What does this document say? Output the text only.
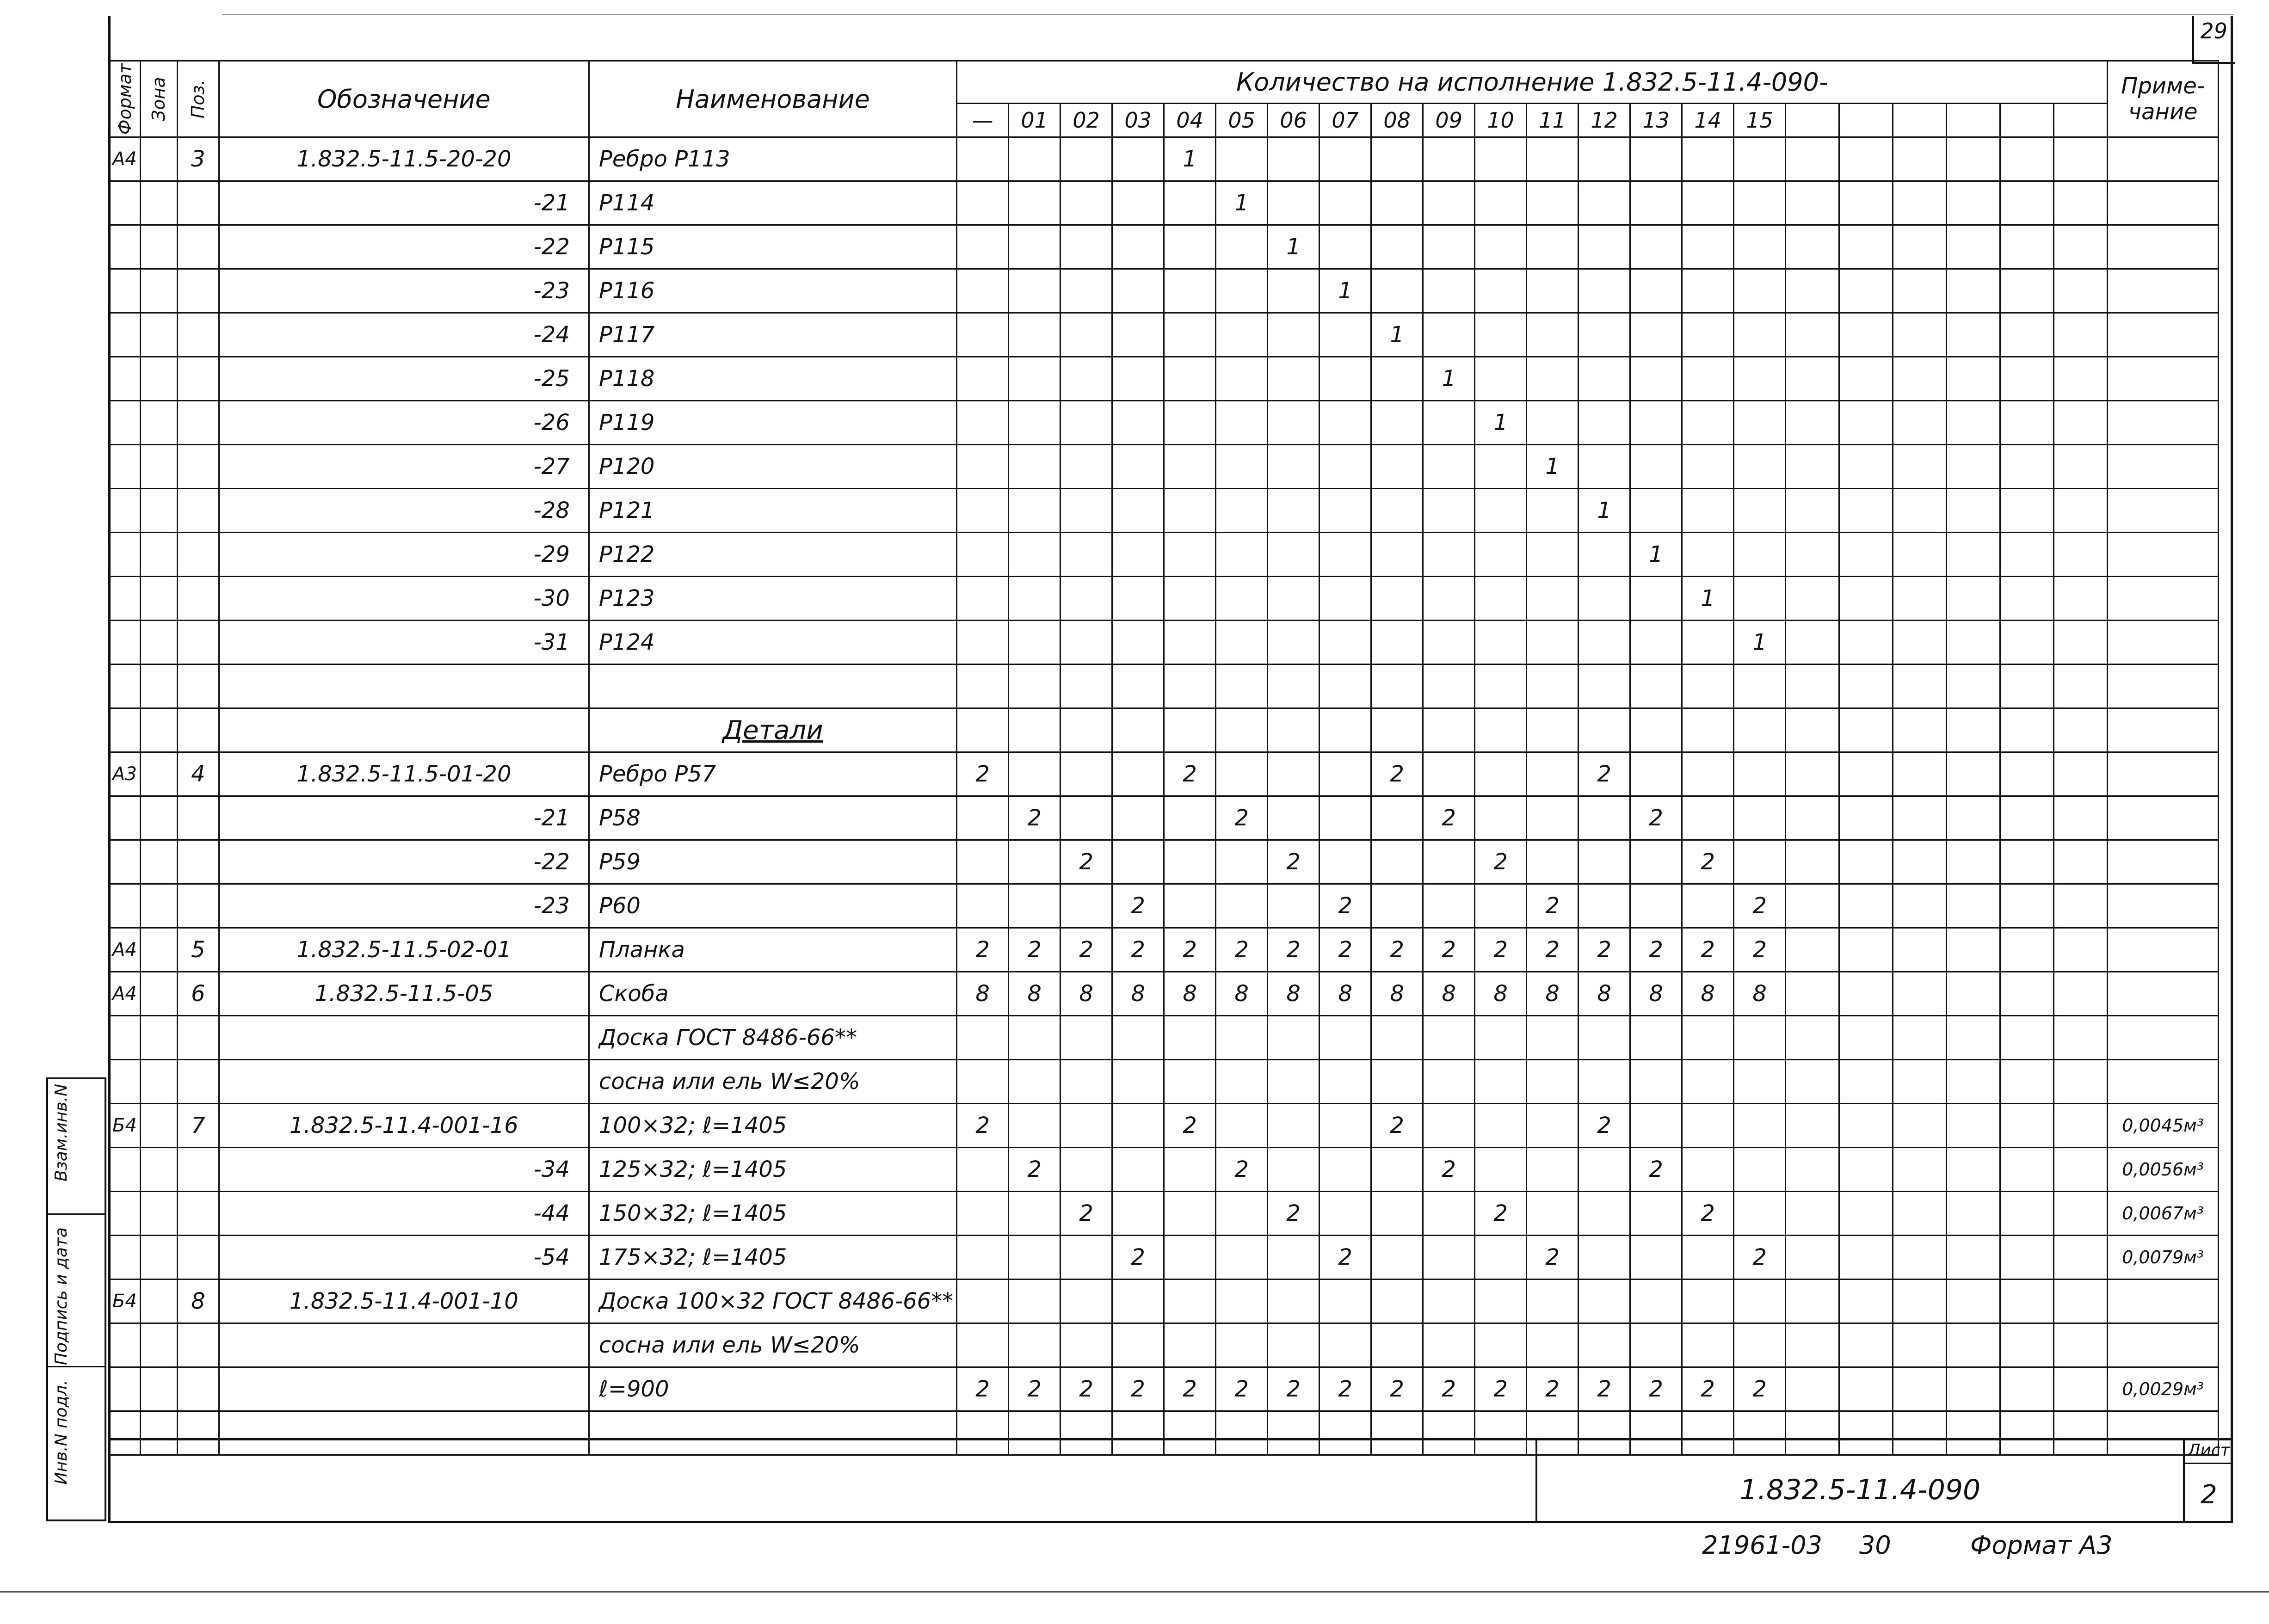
29
Формат	Зона	Поз.	Обозначение	Наименование	Количество на исполнение 1.832.5-11.4-090-																						Приме- чание
					—	01	02	03	04	05	06	07	08	09	10	11	12	13	14	15							
А4		3	1.832.5-11.5-20-20	Ребро Р113					1																		
			-21	Р114						1																	
			-22	Р115							1																
			-23	Р116								1															
			-24	Р117									1														
			-25	Р118										1													
			-26	Р119											1												
			-27	Р120												1											
			-28	Р121													1										
			-29	Р122														1									
			-30	Р123															1								
			-31	Р124																1							

				Детали																							
А3		4	1.832.5-11.5-01-20	Ребро Р57	2				2				2				2										
			-21	Р58		2				2				2				2									
			-22	Р59			2				2				2				2								
			-23	Р60				2				2				2				2							
А4		5	1.832.5-11.5-02-01	Планка	2	2	2	2	2	2	2	2	2	2	2	2	2	2	2	2							
А4		6	1.832.5-11.5-05	Скоба	8	8	8	8	8	8	8	8	8	8	8	8	8	8	8	8							
				Доска ГОСТ 8486-66**																							
				сосна или ель W≤20%																							
Б4		7	1.832.5-11.4-001-16	100×32; ℓ=1405	2				2				2				2										0,0045м³
			-34	125×32; ℓ=1405		2				2				2				2									0,0056м³
			-44	150×32; ℓ=1405			2				2				2				2								0,0067м³
			-54	175×32; ℓ=1405				2				2				2				2							0,0079м³
Б4		8	1.832.5-11.4-001-10	Доска 100×32 ГОСТ 8486-66**																							
				сосна или ель W≤20%																							
				ℓ=900	2	2	2	2	2	2	2	2	2	2	2	2	2	2	2	2							0,0029м³

Взам.инв.N
Подпись и дата
Инв.N подл.
1.832.5-11.4-090
Лист
2
21961-03 30	Формат А3
